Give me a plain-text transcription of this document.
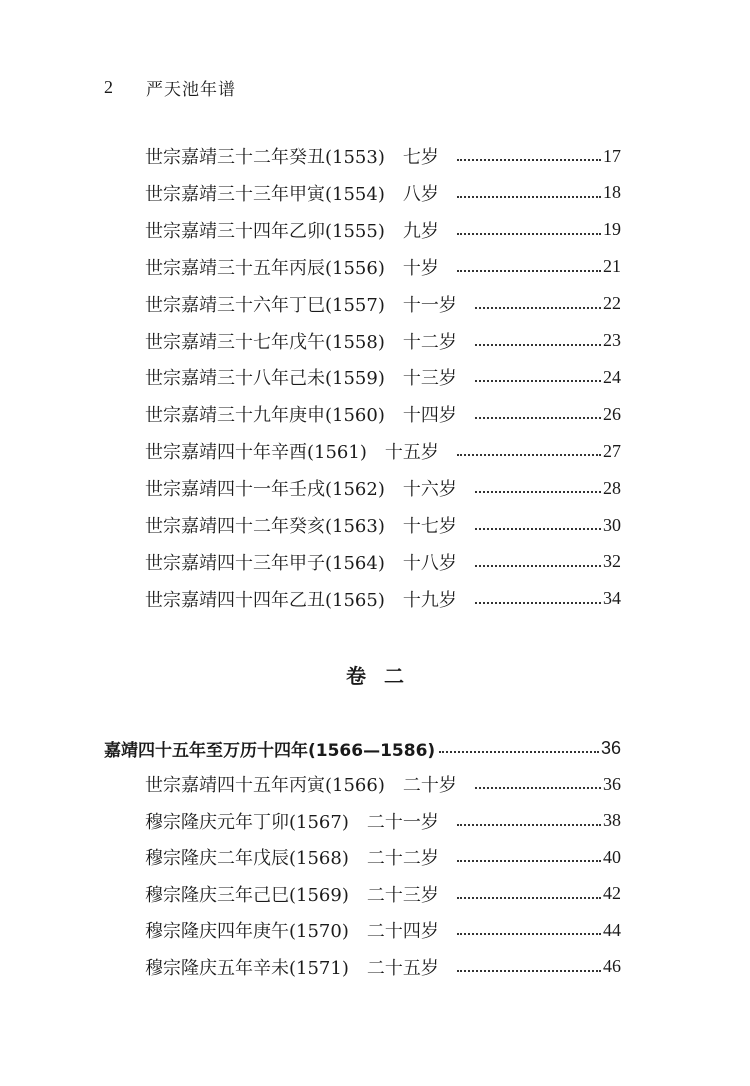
2	严天池年谱
世宗嘉靖三十二年癸丑(1553) 七岁	17
世宗嘉靖三十三年甲寅(1554) 八岁	18
世宗嘉靖三十四年乙卯(1555) 九岁	19
世宗嘉靖三十五年丙辰(1556) 十岁	21
世宗嘉靖三十六年丁巳(1557) 十一岁	22
世宗嘉靖三十七年戊午(1558) 十二岁	23
世宗嘉靖三十八年己未(1559) 十三岁	24
世宗嘉靖三十九年庚申(1560) 十四岁	26
世宗嘉靖四十年辛酉(1561) 十五岁	27
世宗嘉靖四十一年壬戌(1562) 十六岁	28
世宗嘉靖四十二年癸亥(1563) 十七岁	30
世宗嘉靖四十三年甲子(1564) 十八岁	32
世宗嘉靖四十四年乙丑(1565) 十九岁	34
卷二
嘉靖四十五年至万历十四年(1566—1586)	36
世宗嘉靖四十五年丙寅(1566) 二十岁	36
穆宗隆庆元年丁卯(1567) 二十一岁	38
穆宗隆庆二年戊辰(1568) 二十二岁	40
穆宗隆庆三年己巳(1569) 二十三岁	42
穆宗隆庆四年庚午(1570) 二十四岁	44
穆宗隆庆五年辛未(1571) 二十五岁	46
